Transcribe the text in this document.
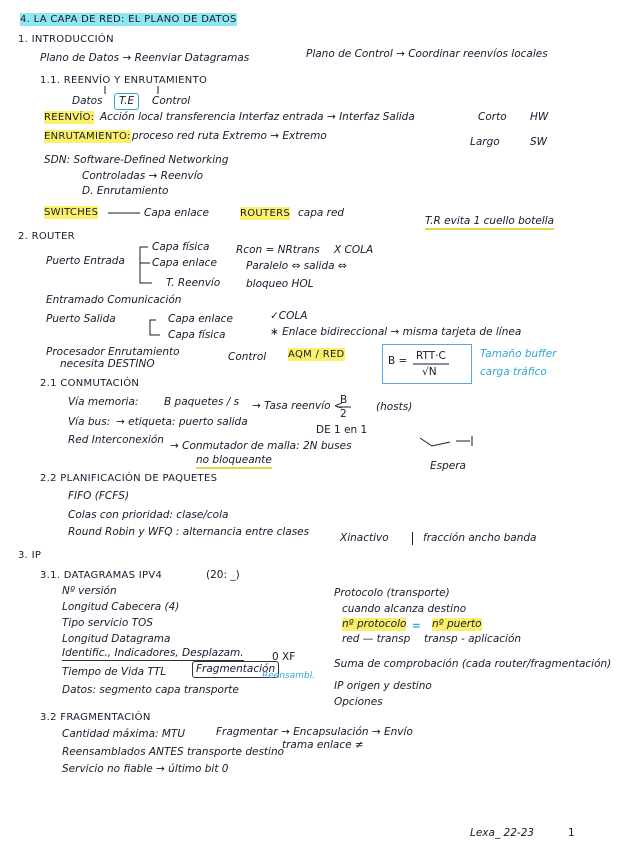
4. LA CAPA DE RED: EL PLANO DE DATOS
1. INTRODUCCIÓN
Plano de Datos → Reenviar Datagramas	Plano de Control → Coordinar reenvíos locales
1.1. REENVÍO Y ENRUTAMIENTO
Datos	T.E	Control
REENVÍO: Acción local transferencia Interfaz entrada → Interfaz Salida	Corto HW
ENRUTAMIENTO: proceso red ruta Extremo → Extremo	Largo	SW
SDN: Software-Defined Networking
Controladas → Reenvío
D. Enrutamiento
SWITCHES	Capa enlace	ROUTERS capa red
T.R evita 1 cuello botella
2. ROUTER
Puerto Entrada
Capa física
Capa enlace
T. Reenvío
Rcon = NRtrans X COLA
Paralelo ⇔ salida ⇔
bloqueo HOL
Entramado Comunicación
Puerto Salida	Capa enlace
Capa física
✓COLA
∗ Enlace bidireccional → misma tarjeta de línea
Procesador Enrutamiento
necesita DESTINO
Control AQM / RED
B = RTT·C
√N
Tamaño buffer
carga tráfico
2.1 CONMUTACIÓN
Vía memoria: B paquetes / s → Tasa reenvío <
B
2
(hosts)
Vía bus: → etiqueta: puerto salida
DE 1 en 1
Red Interconexión → Conmutador de malla: 2N buses
no bloqueante	Espera
2.2 PLANIFICACIÓN DE PAQUETES
FIFO (FCFS)
Colas con prioridad: clase/cola
Round Robin y WFQ : alternancia entre clases	Xinactivo	fracción ancho banda
3. IP
3.1. DATAGRAMAS IPV4	(20: _)
Nº versión
Longitud Cabecera (4)
Tipo servicio TOS
Longitud Datagrama
Identific., Indicadores, Desplazam.	0 XF
Tiempo de Vida TTL	Fragmentación
Reensambl.
Datos: segmento capa transporte
Protocolo (transporte)
cuando alcanza destino
nº protocolo = nº puerto
red — transp transp - aplicación
Suma de comprobación (cada router/fragmentación)
IP origen y destino
Opciones
3.2 FRAGMENTACIÓN
Cantidad máxima: MTU	Fragmentar → Encapsulación → Envío
trama enlace ≠
Reensamblados ANTES transporte destino
Servicio no fiable → último bit 0
Lexa_ 22-23	1
